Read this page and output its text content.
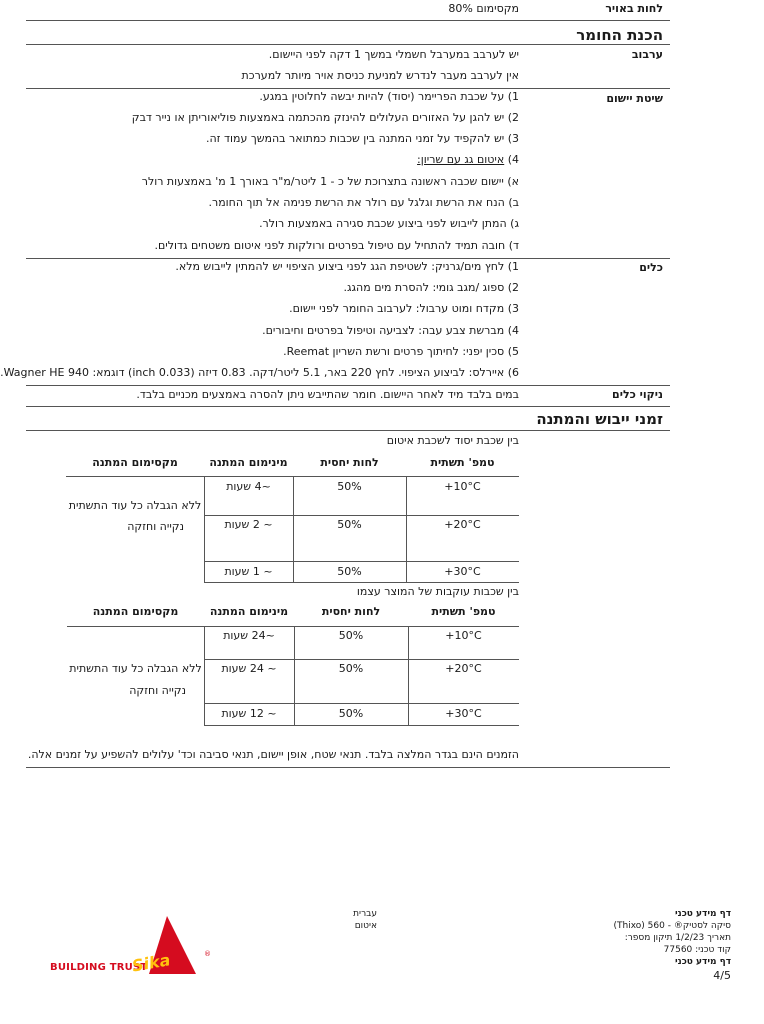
לחות באויר
מקסימום 80%
הכנת החומר
ערבוב
יש לערבב במערבל חשמלי במשך 1 דקה לפני היישום.
אין לערבב מעבר לנדרש למניעת כניסת אויר מיותר למערכת
שיטת יישום
1) על שכבת הפריימר (יסוד) להיות יבשה לחלוטין במגע.
2) יש להגן על האזורים העלולים להינזק מהכתמה באמצעות פוליאוריתן או נייר דבק
3) יש להקפיד על זמני המתנה בין שכבות כמתואר בהמשך עמוד זה.
4) איטום גג עם שריון:
א) יישום שכבה ראשונה בתצרוכת של כ - 1 ליטר/מ"ר באורך 1 מ' באמצעות רולר
ב) הנח את הרשת וגלגל עם רולר את הרשת פנימה אל תוך החומר.
ג) המתן לייבוש לפני ביצוע שכבת סגירה באמצעות רולר.
ד) חובה תמיד להתחיל עם טיפול בפרטים ורולקות לפני איטום משטחים גדולים.
כלים
1) לחץ מים/גרניק: לשטיפת הגג לפני ביצוע הציפוי יש להמתין לייבוש מלא.
2) ספוג /מגב גומי: להסרת מים מהגג.
3) מקדח ומוט ערבול: לערבוב החומר לפני יישום.
4) מברשת צבע עבה: לצביעה וטיפול בפרטים וחיבורים.
5) סכין יפני: לחיתוך פרטים ורשת השריון Reemat.
6) איירלס: לביצוע הציפוי. לחץ 220 באר, 5.1 ליטר/דקה. 0.83 דיזה (0.033 inch) דוגמא: Wagner HE 940.
ניקוי כלים
במים בלבד מיד לאחר היישום. חומר שהתייבש ניתן להסרה באמצעים מכניים בלבד.
זמני ייבוש והמתנה
בין שכבת יסוד לשכבת איטום
טמפ' תשתית
לחות יחסית
מינימום המתנה
מקסימום המתנה
+10°C
50%
~4 שעות
+20°C
50%
~ 2 שעות
+30°C
50%
~ 1 שעות
ללא הגבלה כל עוד התשתית
נקייה וחזקה
בין שכבות עוקבות של המוצר עצמו
טמפ' תשתית
לחות יחסית
מינימום המתנה
מקסימום המתנה
+10°C
50%
~24 שעות
+20°C
50%
~ 24 שעות
+30°C
50%
~ 12 שעות
ללא הגבלה כל עוד התשתית
נקייה וחזקה
הזמנים הינם בגדר המלצה בלבד. תנאי שטח, אופן יישום, תנאי סביבה וכד' עלולים להשפיע על זמנים אלה.
דף מידע טכני
סיקה לסטיק® - 560 (Thixo)
תאריך 1/2/23 תיקון מספר:
קוד טכני: 77560
דף מידע טכני
4/5
עברית
איטום
BUILDING TRUST
Sika	®
